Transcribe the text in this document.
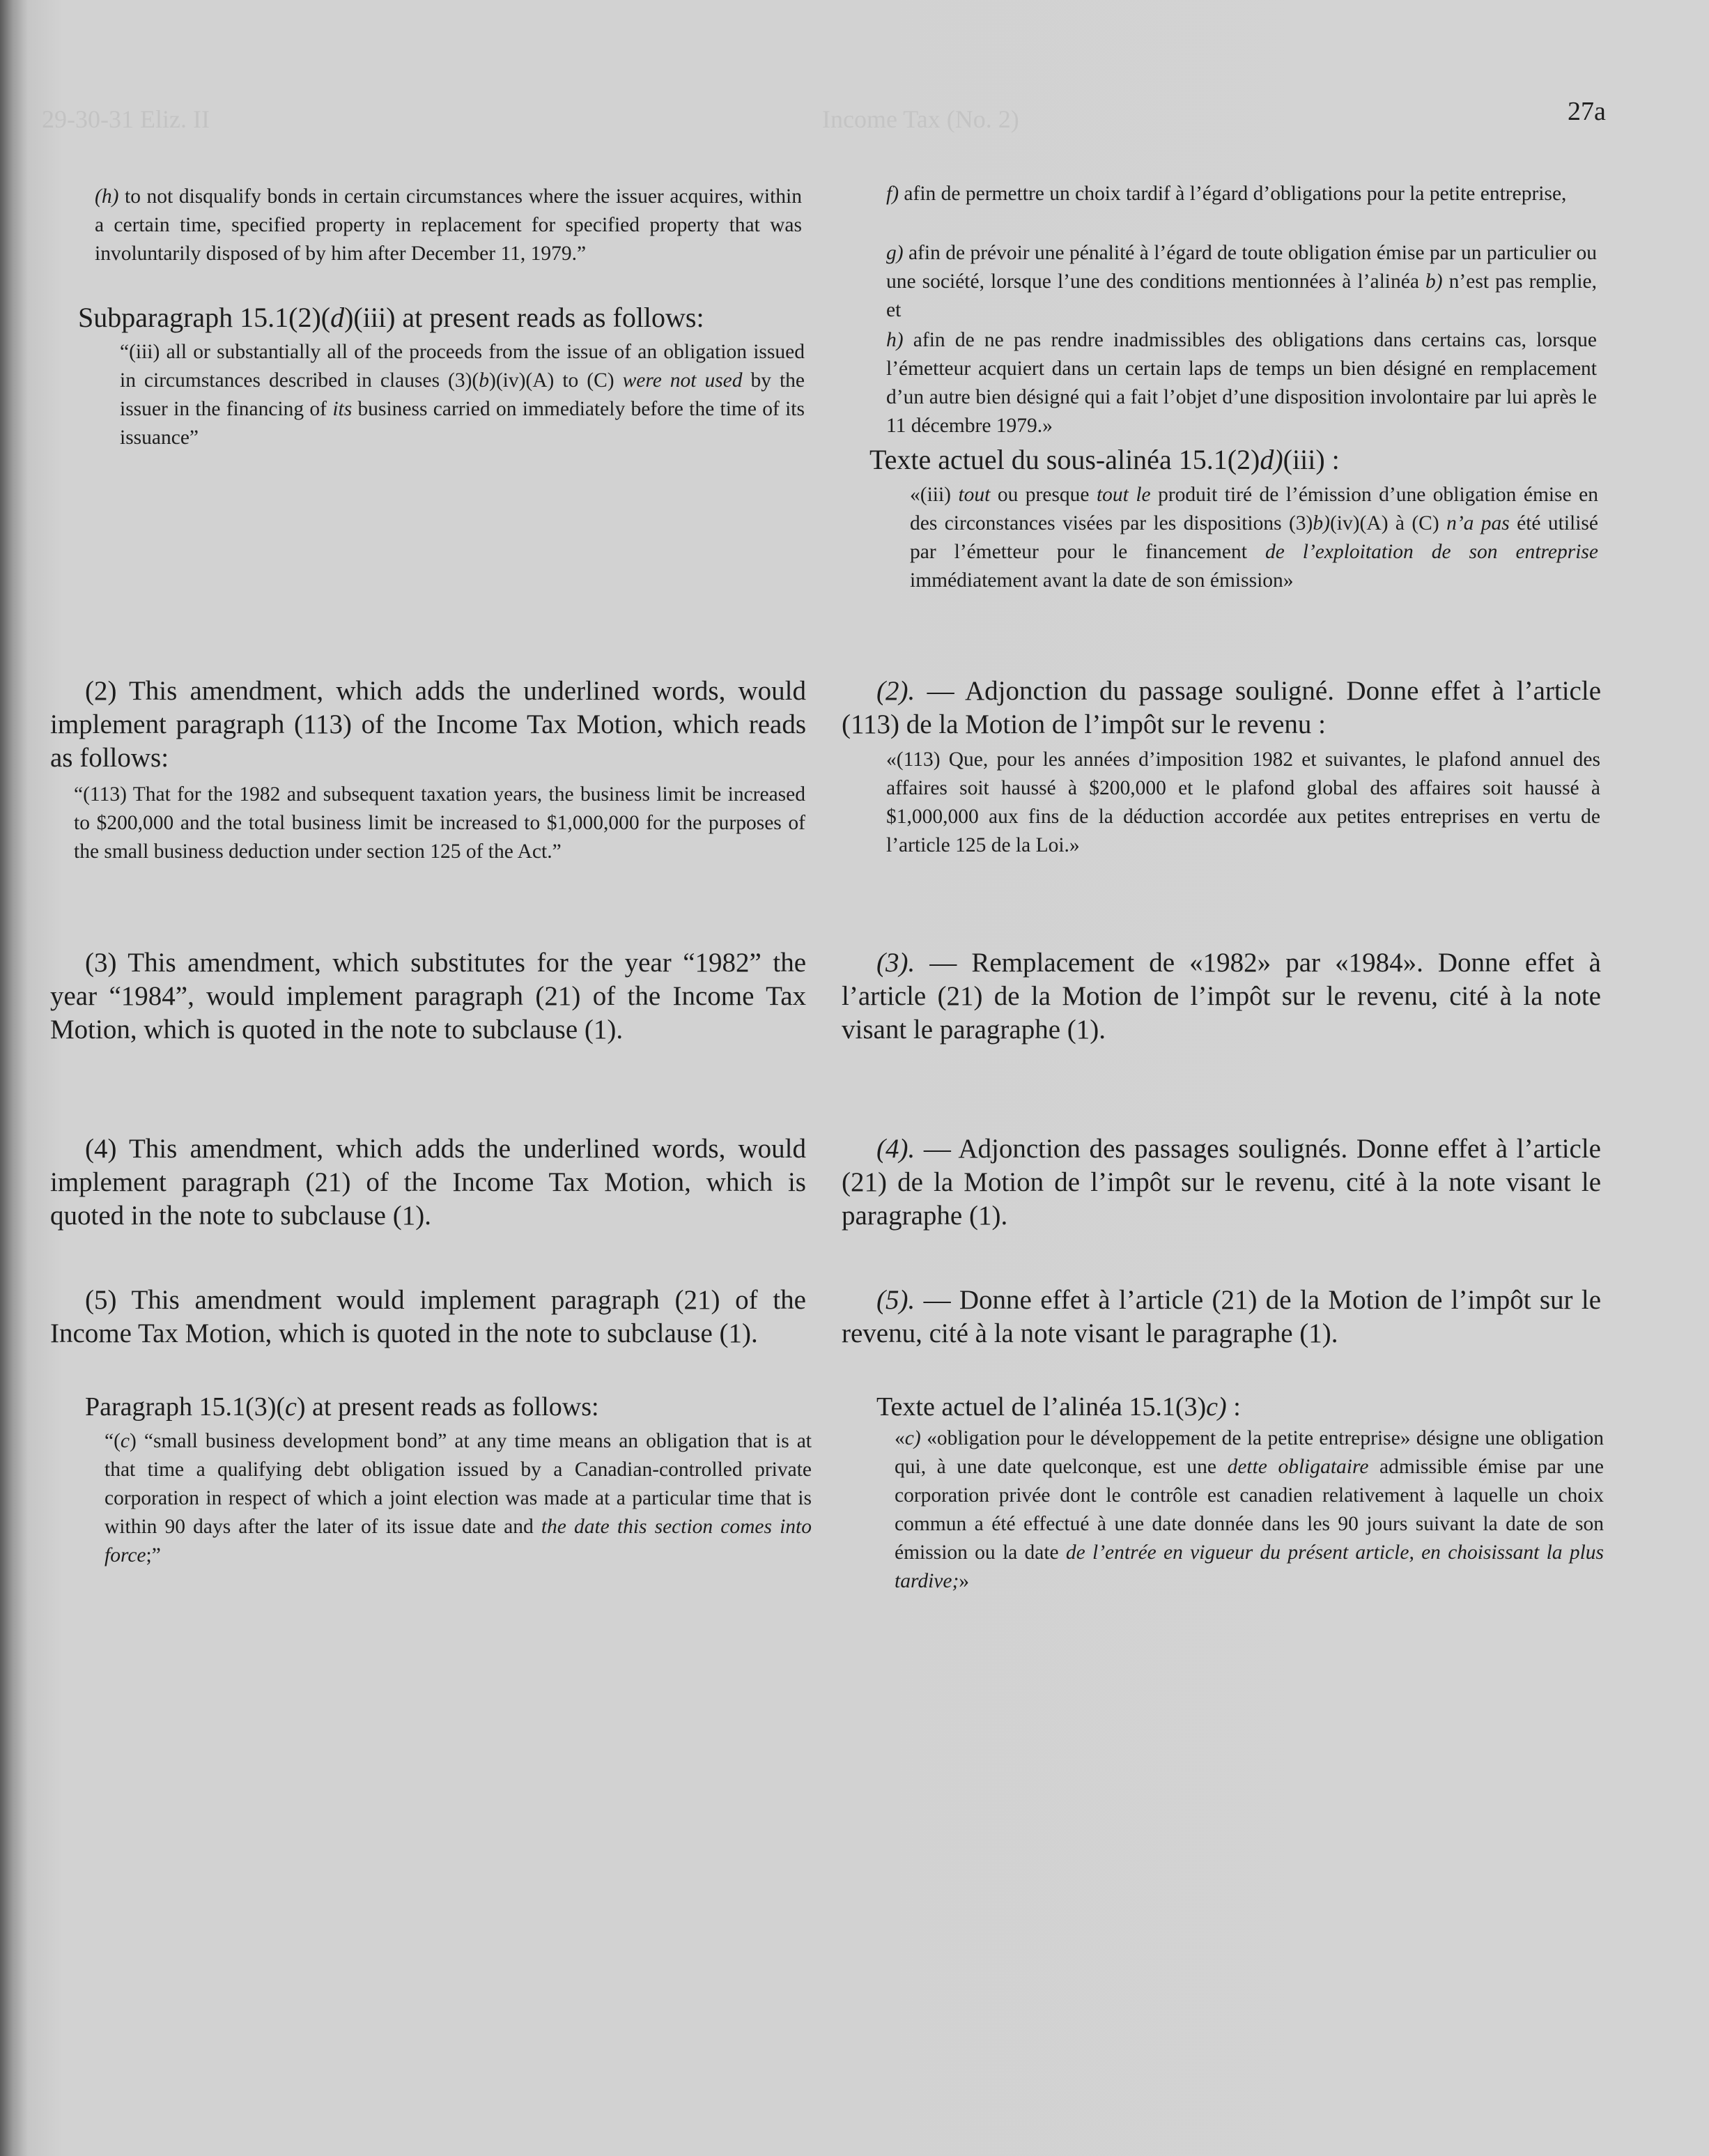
29-30-31 Eliz. II	Income Tax (No. 2)	27a

(h) to not disqualify bonds in certain circumstances where the issuer acquires, within a certain time, specified property in replacement for specified property that was involuntarily disposed of by him after December 11, 1979.”

Subparagraph 15.1(2)(d)(iii) at present reads as follows:

“(iii) all or substantially all of the proceeds from the issue of an obligation issued in circumstances described in clauses (3)(b)(iv)(A) to (C) were not used by the issuer in the financing of its business carried on immediately before the time of its issuance”

(2) This amendment, which adds the underlined words, would implement paragraph (113) of the Income Tax Motion, which reads as follows:

“(113) That for the 1982 and subsequent taxation years, the business limit be increased to $200,000 and the total business limit be increased to $1,000,000 for the purposes of the small business deduction under section 125 of the Act.”

(3) This amendment, which substitutes for the year “1982” the year “1984”, would implement paragraph (21) of the Income Tax Motion, which is quoted in the note to subclause (1).

(4) This amendment, which adds the underlined words, would implement paragraph (21) of the Income Tax Motion, which is quoted in the note to subclause (1).

(5) This amendment would implement paragraph (21) of the Income Tax Motion, which is quoted in the note to subclause (1).

Paragraph 15.1(3)(c) at present reads as follows:

“(c) “small business development bond” at any time means an obligation that is at that time a qualifying debt obligation issued by a Canadian-controlled private corporation in respect of which a joint election was made at a particular time that is within 90 days after the later of its issue date and the date this section comes into force;”

f) afin de permettre un choix tardif à l’égard d’obligations pour la petite entreprise,

g) afin de prévoir une pénalité à l’égard de toute obligation émise par un particulier ou une société, lorsque l’une des conditions mentionnées à l’alinéa b) n’est pas remplie, et

h) afin de ne pas rendre inadmissibles des obligations dans certains cas, lorsque l’émetteur acquiert dans un certain laps de temps un bien désigné en remplacement d’un autre bien désigné qui a fait l’objet d’une disposition involontaire par lui après le 11 décembre 1979.»

Texte actuel du sous-alinéa 15.1(2)d)(iii) :

«(iii) tout ou presque tout le produit tiré de l’émission d’une obligation émise en des circonstances visées par les dispositions (3)b)(iv)(A) à (C) n’a pas été utilisé par l’émetteur pour le financement de l’exploitation de son entreprise immédiatement avant la date de son émission»

(2). — Adjonction du passage souligné. Donne effet à l’article (113) de la Motion de l’impôt sur le revenu :

«(113) Que, pour les années d’imposition 1982 et suivantes, le plafond annuel des affaires soit haussé à $200,000 et le plafond global des affaires soit haussé à $1,000,000 aux fins de la déduction accordée aux petites entreprises en vertu de l’article 125 de la Loi.»

(3). — Remplacement de «1982» par «1984». Donne effet à l’article (21) de la Motion de l’impôt sur le revenu, cité à la note visant le paragraphe (1).

(4). — Adjonction des passages soulignés. Donne effet à l’article (21) de la Motion de l’impôt sur le revenu, cité à la note visant le paragraphe (1).

(5). — Donne effet à l’article (21) de la Motion de l’impôt sur le revenu, cité à la note visant le paragraphe (1).

Texte actuel de l’alinéa 15.1(3)c) :

«c) «obligation pour le développement de la petite entreprise» désigne une obligation qui, à une date quelconque, est une dette obligataire admissible émise par une corporation privée dont le contrôle est canadien relativement à laquelle un choix commun a été effectué à une date donnée dans les 90 jours suivant la date de son émission ou la date de l’entrée en vigueur du présent article, en choisissant la plus tardive;»
